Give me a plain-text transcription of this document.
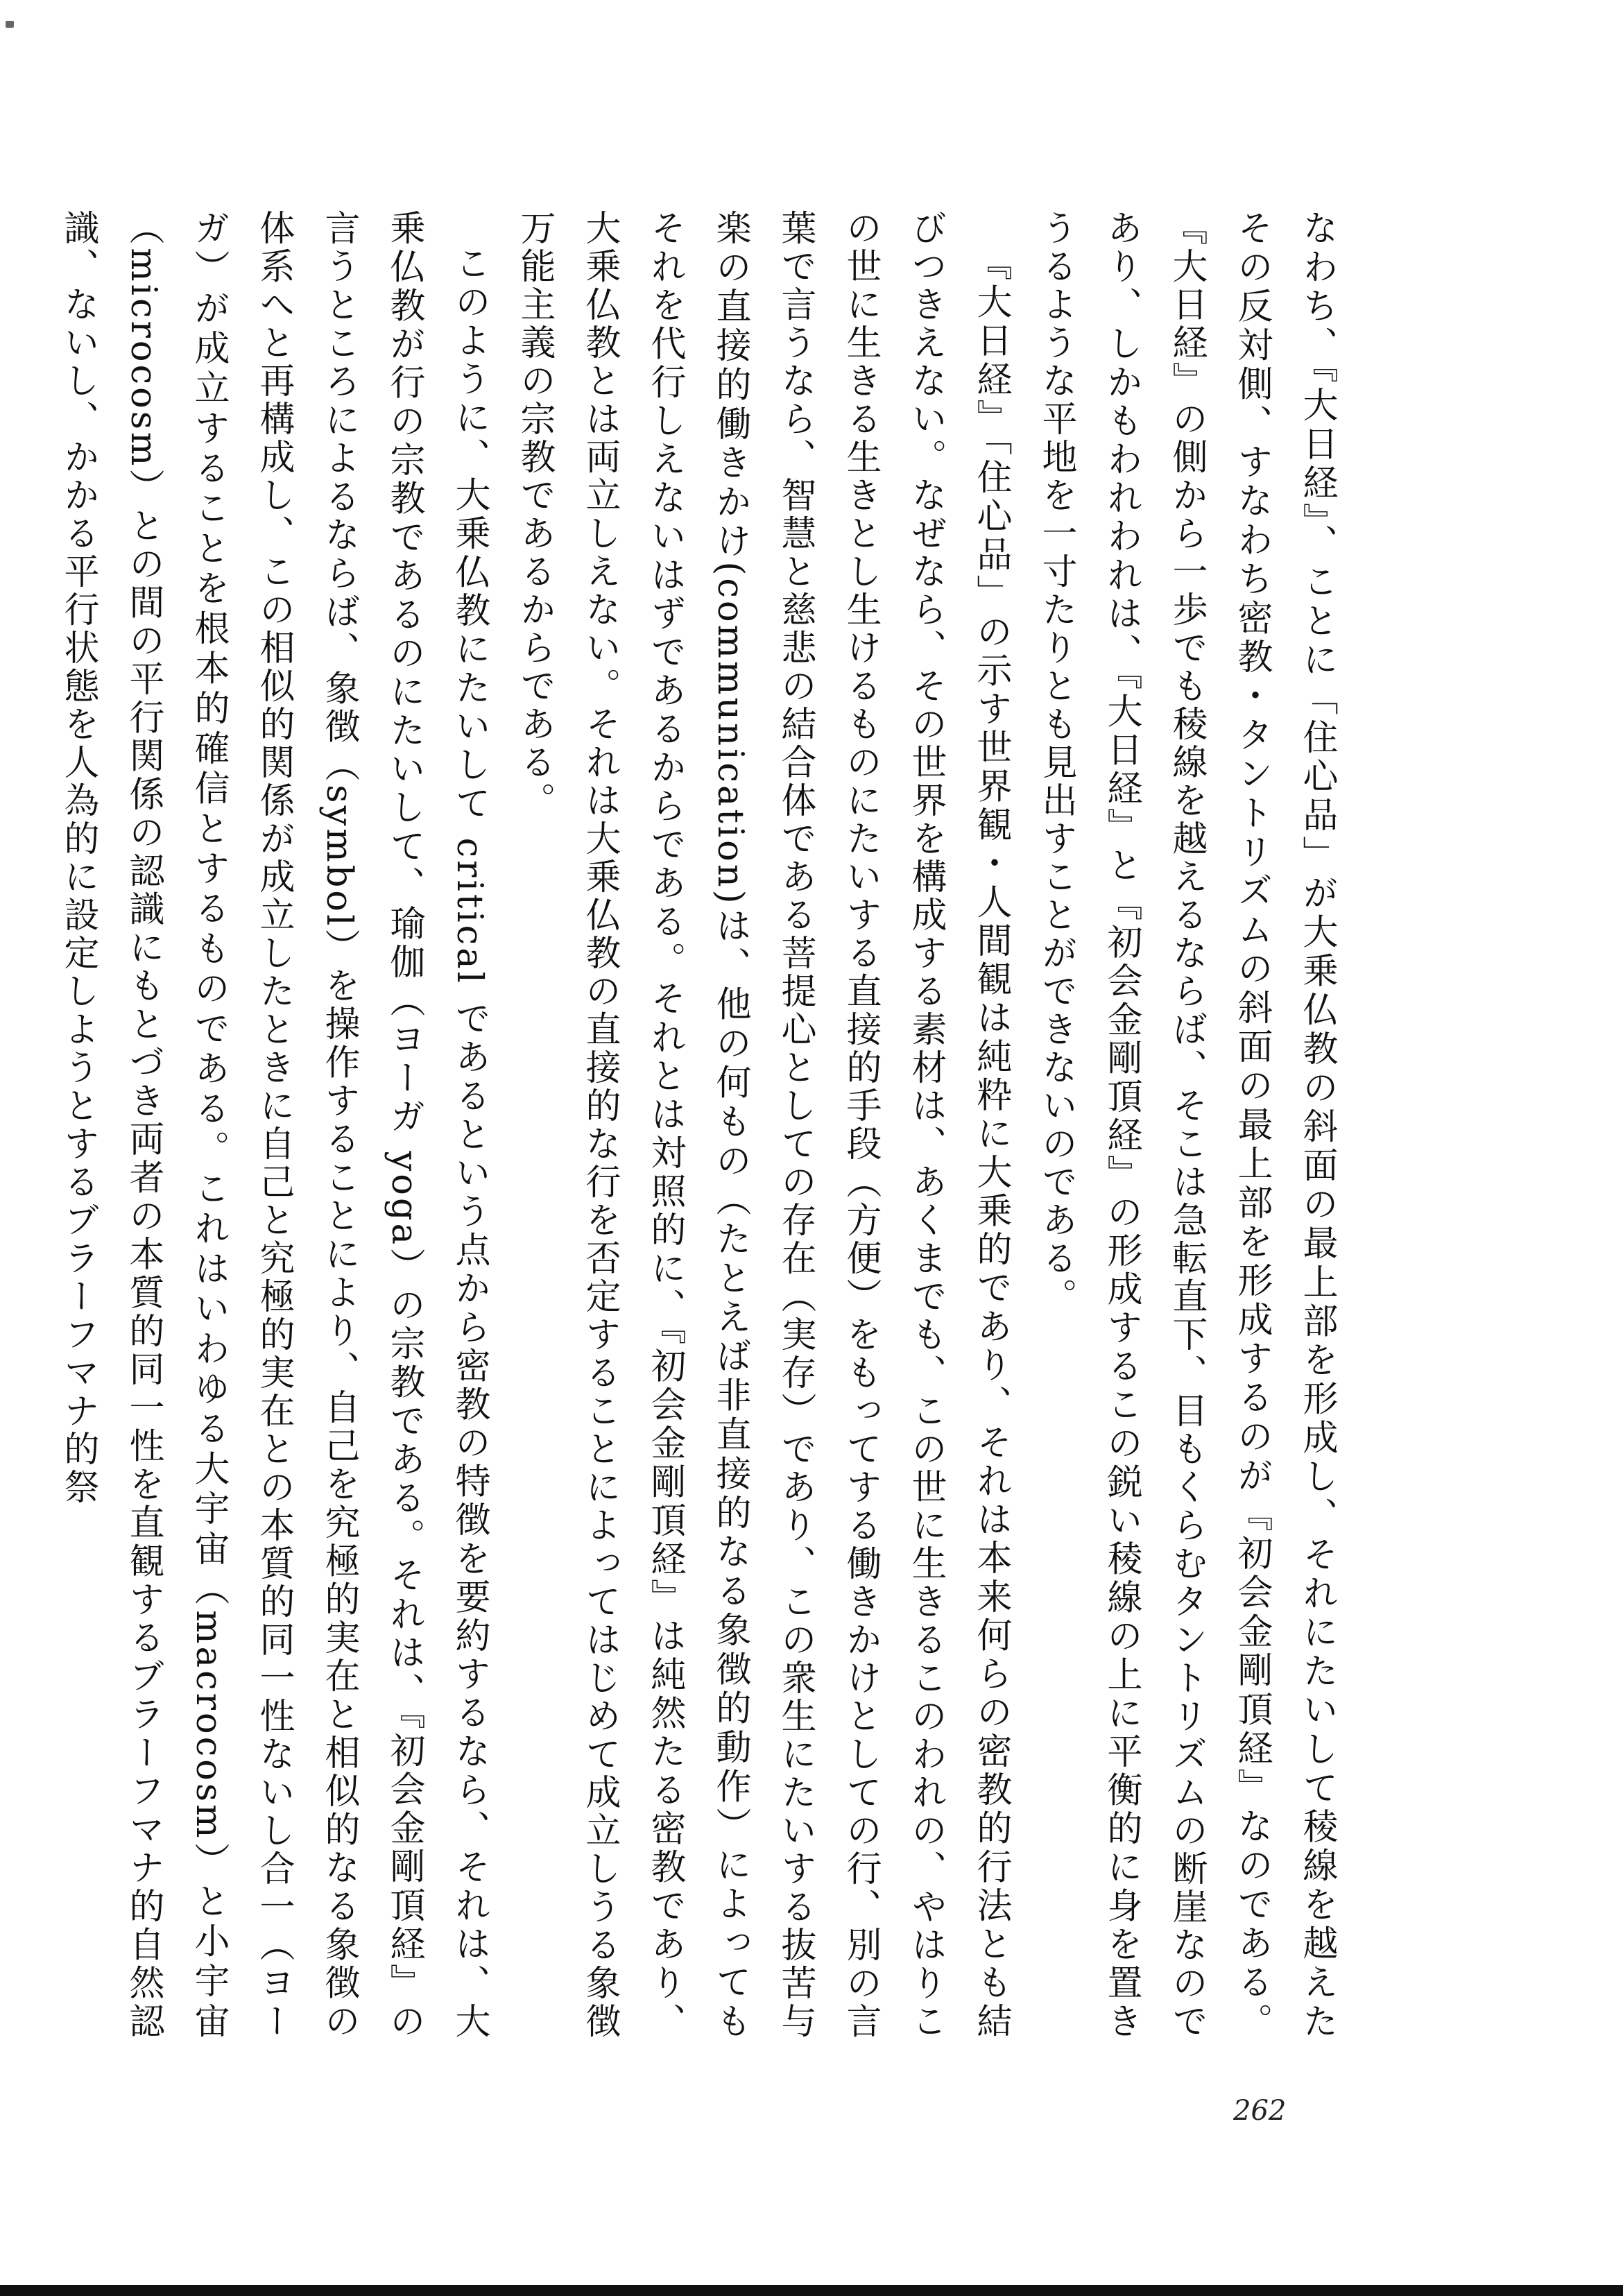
なわち、『大日経』、ことに「住心品」が大乗仏教の斜面の最上部を形成し、それにたいして稜線を越えたその反対側、すなわち密教・タントリズムの斜面の最上部を形成するのが『初会金剛頂経』なのである。『大日経』の側から一歩でも稜線を越えるならば、そこは急転直下、目もくらむタントリズムの断崖なのであり、しかもわれわれは、『大日経』と『初会金剛頂経』の形成するこの鋭い稜線の上に平衡的に身を置きうるような平地を一寸たりとも見出すことができないのである。

『大日経』「住心品」の示す世界観・人間観は純粋に大乗的であり、それは本来何らの密教的行法とも結びつきえない。なぜなら、その世界を構成する素材は、あくまでも、この世に生きるこのわれの、やはりこの世に生きる生きとし生けるものにたいする直接的手段（方便）をもってする働きかけとしての行、別の言葉で言うなら、智慧と慈悲の結合体である菩提心としての存在（実存）であり、この衆生にたいする抜苦与楽の直接的働きかけ(communication)は、他の何もの（たとえば非直接的なる象徴的動作）によってもそれを代行しえないはずであるからである。それとは対照的に、『初会金剛頂経』は純然たる密教であり、大乗仏教とは両立しえない。それは大乗仏教の直接的な行を否定することによってはじめて成立しうる象徴万能主義の宗教であるからである。

このように、大乗仏教にたいして critical であるという点から密教の特徴を要約するなら、それは、大乗仏教が行の宗教であるのにたいして、瑜伽（ヨーガ yoga）の宗教である。それは、『初会金剛頂経』の言うところによるならば、象徴（symbol）を操作することにより、自己を究極的実在と相似的なる象徴の体系へと再構成し、この相似的関係が成立したときに自己と究極的実在との本質的同一性ないし合一（ヨーガ）が成立することを根本的確信とするものである。これはいわゆる大宇宙（macrocosm）と小宇宙（microcosm）との間の平行関係の認識にもとづき両者の本質的同一性を直観するブラーフマナ的自然認識、ないし、かかる平行状態を人為的に設定しようとするブラーフマナ的祭

262
